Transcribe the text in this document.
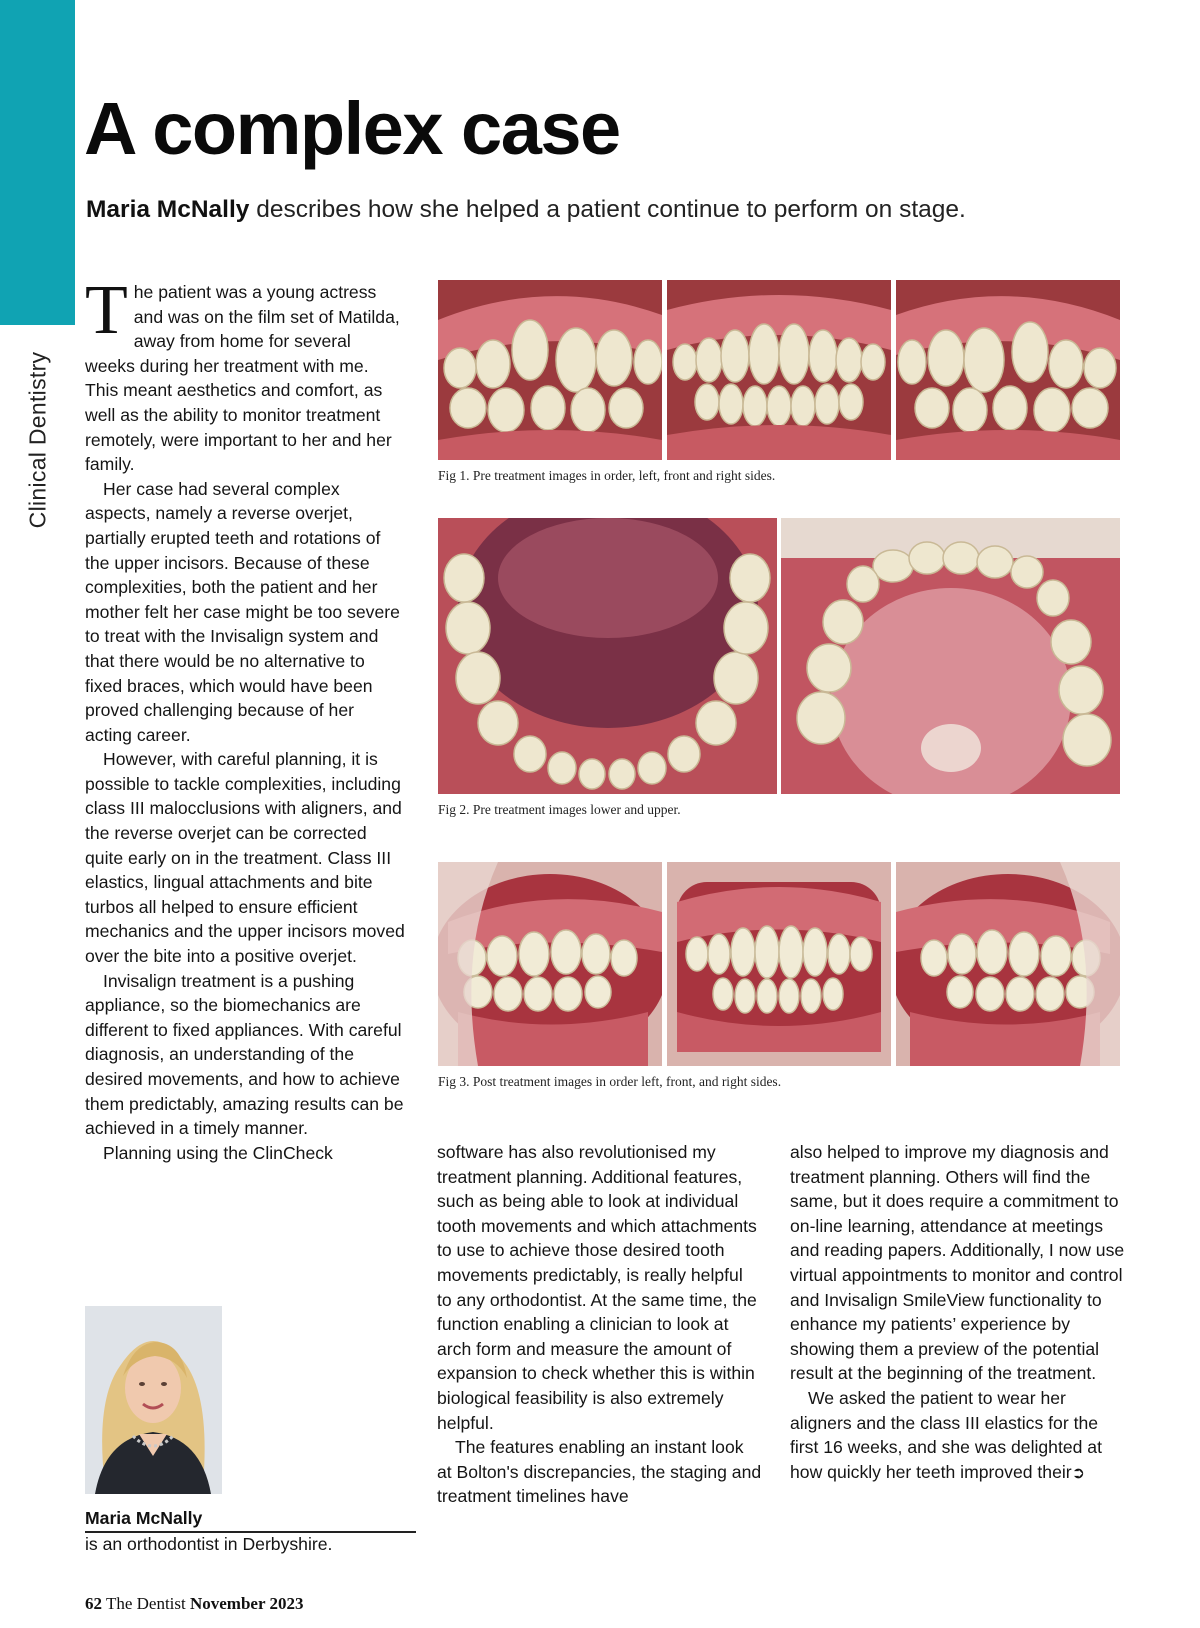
Clinical Dentistry
A complex case
Maria McNally describes how she helped a patient continue to perform on stage.

The patient was a young actress and was on the film set of Matilda, away from home for several weeks during her treatment with me. This meant aesthetics and comfort, as well as the ability to monitor treatment remotely, were important to her and her family.

Her case had several complex aspects, namely a reverse overjet, partially erupted teeth and rotations of the upper incisors. Because of these complexities, both the patient and her mother felt her case might be too severe to treat with the Invisalign system and that there would be no alternative to fixed braces, which would have been proved challenging because of her acting career.

However, with careful planning, it is possible to tackle complexities, including class III malocclusions with aligners, and the reverse overjet can be corrected quite early on in the treatment. Class III elastics, lingual attachments and bite turbos all helped to ensure efficient mechanics and the upper incisors moved over the bite into a positive overjet.

Invisalign treatment is a pushing appliance, so the biomechanics are different to fixed appliances. With careful diagnosis, an understanding of the desired movements, and how to achieve them predictably, amazing results can be achieved in a timely manner.

Planning using the ClinCheck

Fig 1. Pre treatment images in order, left, front and right sides.
Fig 2. Pre treatment images lower and upper.
Fig 3. Post treatment images in order left, front, and right sides.

software has also revolutionised my treatment planning. Additional features, such as being able to look at individual tooth movements and which attachments to use to achieve those desired tooth movements predictably, is really helpful to any orthodontist. At the same time, the function enabling a clinician to look at arch form and measure the amount of expansion to check whether this is within biological feasibility is also extremely helpful.

The features enabling an instant look at Bolton's discrepancies, the staging and treatment timelines have

also helped to improve my diagnosis and treatment planning. Others will find the same, but it does require a commitment to on-line learning, attendance at meetings and reading papers. Additionally, I now use virtual appointments to monitor and control and Invisalign SmileView functionality to enhance my patients’ experience by showing them a preview of the potential result at the beginning of the treatment.

We asked the patient to wear her aligners and the class III elastics for the first 16 weeks, and she was delighted at how quickly her teeth improved their➲

Maria McNally
is an orthodontist in Derbyshire.
62 The Dentist November 2023
